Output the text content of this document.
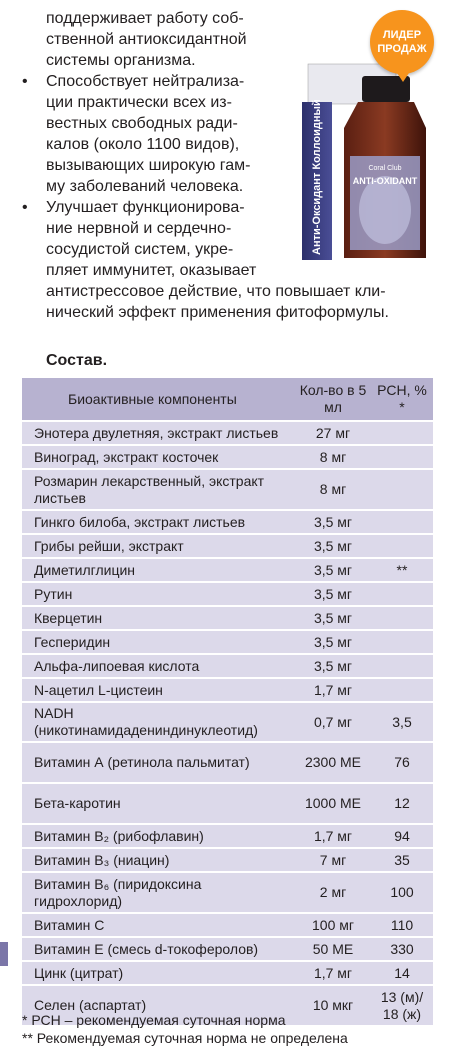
поддерживает работу соб-
ственной антиоксидантной
системы организма.
• Способствует нейтрализа-
ции практически всех из-
вестных свободных ради-
калов (около 1100 видов),
вызывающих широкую гам-
му заболеваний человека.
• Улучшает функционирова-
ние нервной и сердечно-
сосудистой систем, укре-
пляет иммунитет, оказывает
антистрессовое действие, что повышает кли-
нический эффект применения фитоформулы.
ЛИДЕР ПРОДАЖ
Анти-Оксидант Коллоидный	Coral Club
ANTI-OXIDANT
Состав.
Биоактивные компоненты	Кол-во в 5 мл	РСН, % *
Энотера двулетняя, экстракт листьев	27 мг	
Виноград, экстракт косточек	8 мг	
Розмарин лекарственный, экстракт листьев	8 мг	
Гинкго билоба, экстракт листьев	3,5 мг	
Грибы рейши, экстракт	3,5 мг	
Диметилглицин	3,5 мг	**
Рутин	3,5 мг	
Кверцетин	3,5 мг	
Гесперидин	3,5 мг	
Альфа-липоевая кислота	3,5 мг	
N-ацетил L-цистеин	1,7 мг	
NADH (никотинамидадениндинуклеотид)	0,7 мг	3,5
Витамин А (ретинола пальмитат)	2300 МЕ	76
Бета-каротин	1000 МЕ	12
Витамин В₂ (рибофлавин)	1,7 мг	94
Витамин В₃ (ниацин)	7 мг	35
Витамин В₆ (пиридоксина гидрохлорид)	2 мг	100
Витамин С	100 мг	110
Витамин Е (смесь d-токоферолов)	50 МЕ	330
Цинк (цитрат)	1,7 мг	14
Селен (аспартат)	10 мкг	13 (м)/ 18 (ж)
* РСН – рекомендуемая суточная норма
** Рекомендуемая суточная норма не определена
